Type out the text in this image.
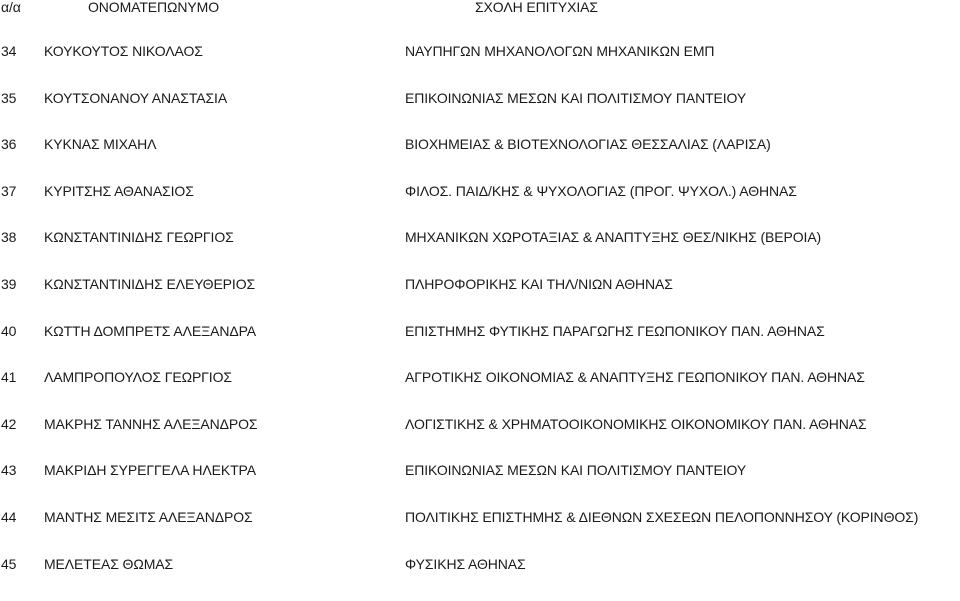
α/α	ΟΝΟΜΑΤΕΠΩΝΥΜΟ	ΣΧΟΛΗ ΕΠΙΤΥΧΙΑΣ
34 ΚΟΥΚΟΥΤΟΣ ΝΙΚΟΛΑΟΣ	ΝΑΥΠΗΓΩΝ ΜΗΧΑΝΟΛΟΓΩΝ ΜΗΧΑΝΙΚΩΝ ΕΜΠ
35 ΚΟΥΤΣΟΝΑΝΟΥ ΑΝΑΣΤΑΣΙΑ	ΕΠΙΚΟΙΝΩΝΙΑΣ ΜΕΣΩΝ ΚΑΙ ΠΟΛΙΤΙΣΜΟΥ ΠΑΝΤΕΙΟΥ
36 ΚΥΚΝΑΣ ΜΙΧΑΗΛ	ΒΙΟΧΗΜΕΙΑΣ & ΒΙΟΤΕΧΝΟΛΟΓΙΑΣ ΘΕΣΣΑΛΙΑΣ (ΛΑΡΙΣΑ)
37 ΚΥΡΙΤΣΗΣ ΑΘΑΝΑΣΙΟΣ	ΦΙΛΟΣ. ΠΑΙΔ/ΚΗΣ & ΨΥΧΟΛΟΓΙΑΣ (ΠΡΟΓ. ΨΥΧΟΛ.) ΑΘΗΝΑΣ
38 ΚΩΝΣΤΑΝΤΙΝΙΔΗΣ ΓΕΩΡΓΙΟΣ	ΜΗΧΑΝΙΚΩΝ ΧΩΡΟΤΑΞΙΑΣ & ΑΝΑΠΤΥΞΗΣ ΘΕΣ/ΝΙΚΗΣ (ΒΕΡΟΙΑ)
39 ΚΩΝΣΤΑΝΤΙΝΙΔΗΣ ΕΛΕΥΘΕΡΙΟΣ	ΠΛΗΡΟΦΟΡΙΚΗΣ ΚΑΙ ΤΗΛ/ΝΙΩΝ ΑΘΗΝΑΣ
40 ΚΩΤΤΗ ΔΟΜΠΡΕΤΣ ΑΛΕΞΑΝΔΡΑ	ΕΠΙΣΤΗΜΗΣ ΦΥΤΙΚΗΣ ΠΑΡΑΓΩΓΗΣ ΓΕΩΠΟΝΙΚΟΥ ΠΑΝ. ΑΘΗΝΑΣ
41 ΛΑΜΠΡΟΠΟΥΛΟΣ ΓΕΩΡΓΙΟΣ	ΑΓΡΟΤΙΚΗΣ ΟΙΚΟΝΟΜΙΑΣ & ΑΝΑΠΤΥΞΗΣ ΓΕΩΠΟΝΙΚΟΥ ΠΑΝ. ΑΘΗΝΑΣ
42 ΜΑΚΡΗΣ ΤΑΝΝΗΣ ΑΛΕΞΑΝΔΡΟΣ	ΛΟΓΙΣΤΙΚΗΣ & ΧΡΗΜΑΤΟΟΙΚΟΝΟΜΙΚΗΣ ΟΙΚΟΝΟΜΙΚΟΥ ΠΑΝ. ΑΘΗΝΑΣ
43 ΜΑΚΡΙΔΗ ΣΥΡΕΓΓΕΛΑ ΗΛΕΚΤΡΑ	ΕΠΙΚΟΙΝΩΝΙΑΣ ΜΕΣΩΝ ΚΑΙ ΠΟΛΙΤΙΣΜΟΥ ΠΑΝΤΕΙΟΥ
44 ΜΑΝΤΗΣ ΜΕΣΙΤΣ ΑΛΕΞΑΝΔΡΟΣ	ΠΟΛΙΤΙΚΗΣ ΕΠΙΣΤΗΜΗΣ & ΔΙΕΘΝΩΝ ΣΧΕΣΕΩΝ ΠΕΛΟΠΟΝΝΗΣΟΥ (ΚΟΡΙΝΘΟΣ)
45 ΜΕΛΕΤΕΑΣ ΘΩΜΑΣ	ΦΥΣΙΚΗΣ ΑΘΗΝΑΣ
